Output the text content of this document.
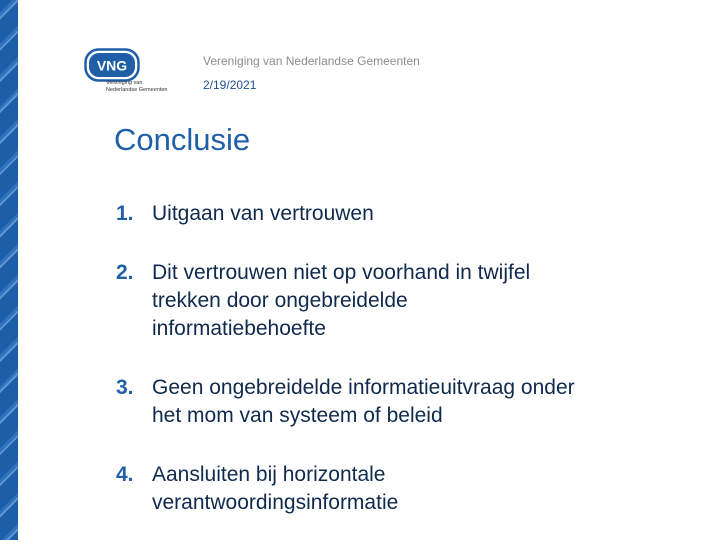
VNG
Vereniging van
Nederlandse Gemeenten
Vereniging van Nederlandse Gemeenten
2/19/2021
Conclusie
1. Uitgaan van vertrouwen
2. Dit vertrouwen niet op voorhand in twijfel
trekken door ongebreidelde
informatiebehoefte
3. Geen ongebreidelde informatieuitvraag onder
het mom van systeem of beleid
4. Aansluiten bij horizontale
verantwoordingsinformatie
